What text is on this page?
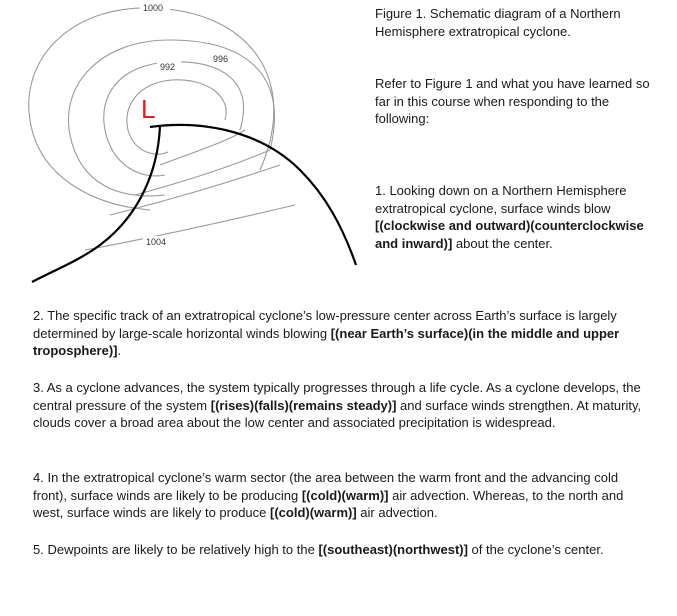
L
1000
992
996
1004
Figure 1. Schematic diagram of a Northern Hemisphere extratropical cyclone.
Refer to Figure 1 and what you have learned so far in this course when responding to the following:
1. Looking down on a Northern Hemisphere extratropical cyclone, surface winds blow [(clockwise and outward)(counterclockwise and inward)] about the center.
2. The specific track of an extratropical cyclone’s low-pressure center across Earth’s surface is largely determined by large-scale horizontal winds blowing [(near Earth’s surface)(in the middle and upper troposphere)].
3. As a cyclone advances, the system typically progresses through a life cycle. As a cyclone develops, the central pressure of the system [(rises)(falls)(remains steady)] and surface winds strengthen. At maturity, clouds cover a broad area about the low center and associated precipitation is widespread.
4. In the extratropical cyclone’s warm sector (the area between the warm front and the advancing cold front), surface winds are likely to be producing [(cold)(warm)] air advection. Whereas, to the north and west, surface winds are likely to produce [(cold)(warm)] air advection.
5. Dewpoints are likely to be relatively high to the [(southeast)(northwest)] of the cyclone’s center.
